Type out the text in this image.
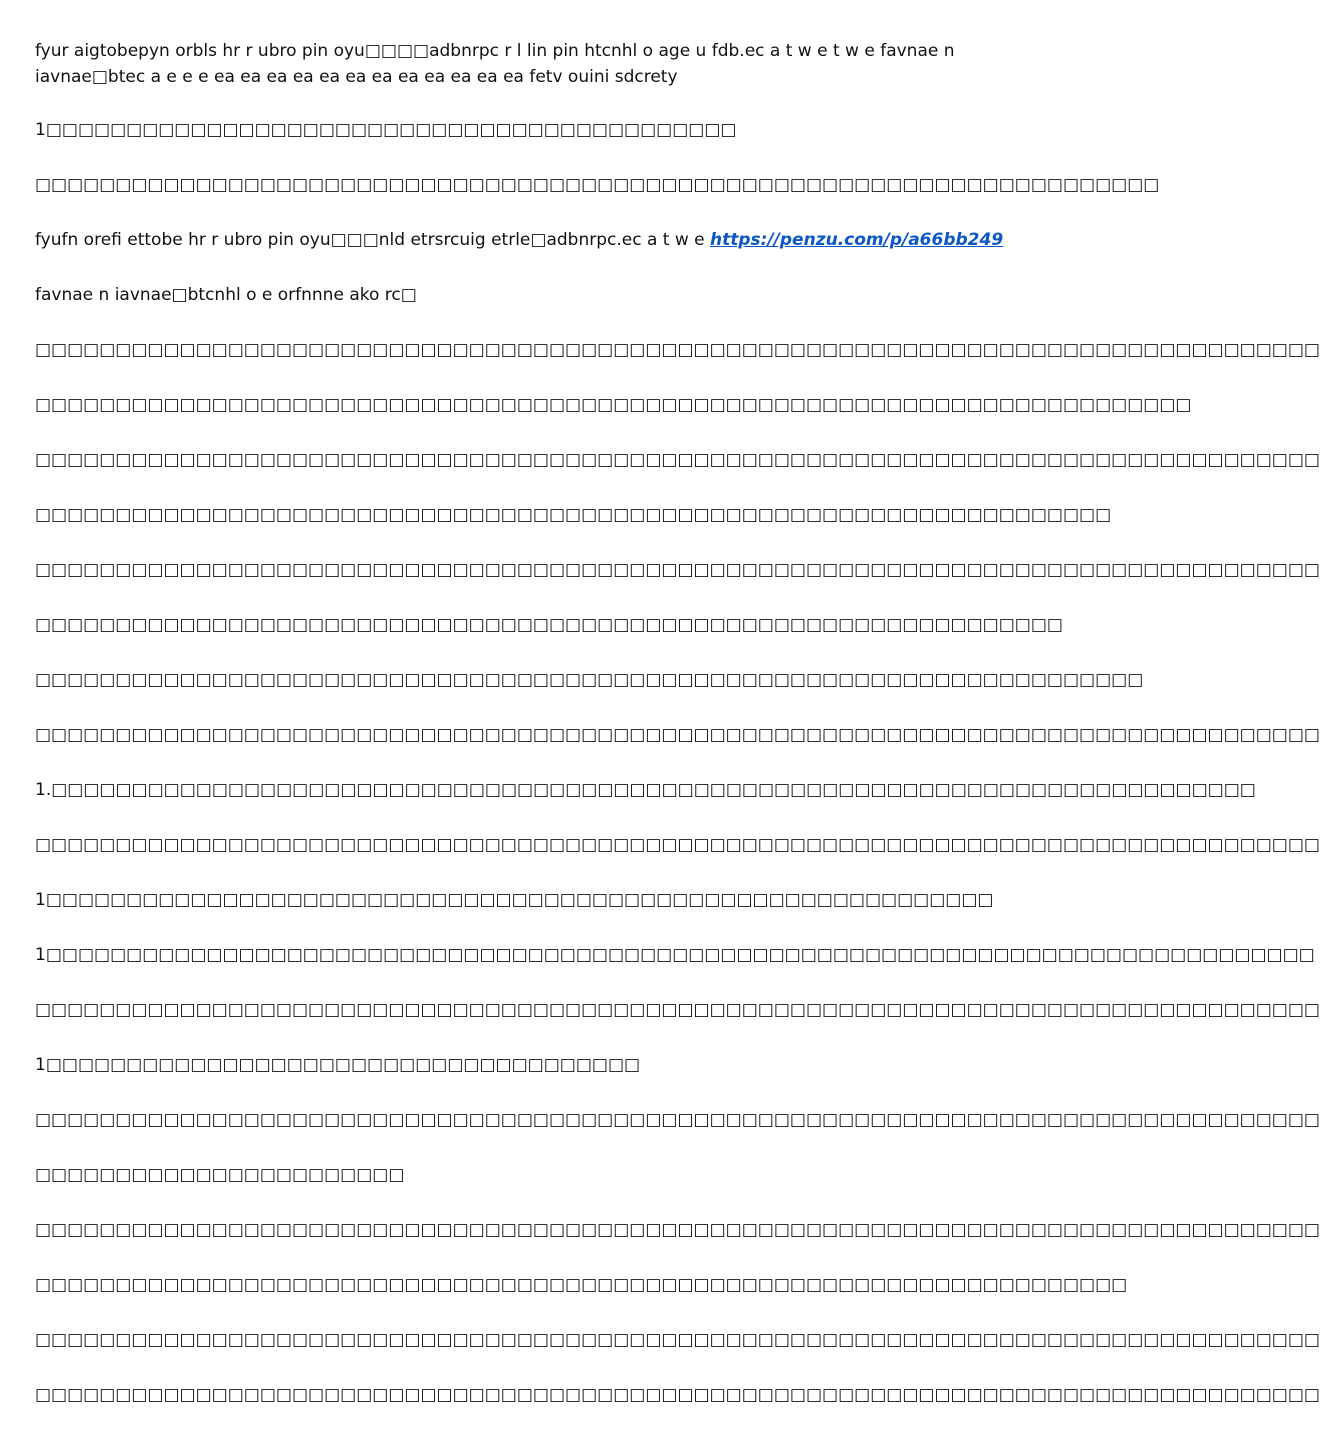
fyur aigtobepyn orbls hr r ubro pin oyu□□□□adbnrpc r l lin pin htcnhl o age u fdb.ec a t w e t w e favnae n
iavnae□btec a e e e ea ea ea ea ea ea ea ea ea ea ea ea fetv ouini sdcrety
1□□□□□□□□□□□□□□□□□□□□□□□□□□□□□□□□□□□□□□□□□□□
□□□□□□□□□□□□□□□□□□□□□□□□□□□□□□□□□□□□□□□□□□□□□□□□□□□□□□□□□□□□□□□□□□□□□□
fyufn orefi ettobe hr r ubro pin oyu□□□nld etrsrcuig etrle□adbnrpc.ec a t w e https://penzu.com/p/a66bb249
favnae n iavnae□btcnhl o e orfnnne ako rc□
□□□□□□□□□□□□□□□□□□□□□□□□□□□□□□□□□□□□□□□□□□□□□□□□□□□□□□□□□□□□□□□□□□□□□□□□□□□□□□□□
□□□□□□□□□□□□□□□□□□□□□□□□□□□□□□□□□□□□□□□□□□□□□□□□□□□□□□□□□□□□□□□□□□□□□□□□
□□□□□□□□□□□□□□□□□□□□□□□□□□□□□□□□□□□□□□□□□□□□□□□□□□□□□□□□□□□□□□□□□□□□□□□□□□□□□□□□
□□□□□□□□□□□□□□□□□□□□□□□□□□□□□□□□□□□□□□□□□□□□□□□□□□□□□□□□□□□□□□□□□□□
□□□□□□□□□□□□□□□□□□□□□□□□□□□□□□□□□□□□□□□□□□□□□□□□□□□□□□□□□□□□□□□□□□□□□□□□□□□□□□□□
□□□□□□□□□□□□□□□□□□□□□□□□□□□□□□□□□□□□□□□□□□□□□□□□□□□□□□□□□□□□□□□□
□□□□□□□□□□□□□□□□□□□□□□□□□□□□□□□□□□□□□□□□□□□□□□□□□□□□□□□□□□□□□□□□□□□□□
□□□□□□□□□□□□□□□□□□□□□□□□□□□□□□□□□□□□□□□□□□□□□□□□□□□□□□□□□□□□□□□□□□□□□□□□□□□□□□□□
1.□□□□□□□□□□□□□□□□□□□□□□□□□□□□□□□□□□□□□□□□□□□□□□□□□□□□□□□□□□□□□□□□□□□□□□□□□□□
□□□□□□□□□□□□□□□□□□□□□□□□□□□□□□□□□□□□□□□□□□□□□□□□□□□□□□□□□□□□□□□□□□□□□□□□□□□□□□□□
1□□□□□□□□□□□□□□□□□□□□□□□□□□□□□□□□□□□□□□□□□□□□□□□□□□□□□□□□□□□
1□□□□□□□□□□□□□□□□□□□□□□□□□□□□□□□□□□□□□□□□□□□□□□□□□□□□□□□□□□□□□□□□□□□□□□□□□□□□□□□
□□□□□□□□□□□□□□□□□□□□□□□□□□□□□□□□□□□□□□□□□□□□□□□□□□□□□□□□□□□□□□□□□□□□□□□□□□□□□□□□
1□□□□□□□□□□□□□□□□□□□□□□□□□□□□□□□□□□□□□
□□□□□□□□□□□□□□□□□□□□□□□□□□□□□□□□□□□□□□□□□□□□□□□□□□□□□□□□□□□□□□□□□□□□□□□□□□□□□□□□
□□□□□□□□□□□□□□□□□□□□□□□
□□□□□□□□□□□□□□□□□□□□□□□□□□□□□□□□□□□□□□□□□□□□□□□□□□□□□□□□□□□□□□□□□□□□□□□□□□□□□□□□
□□□□□□□□□□□□□□□□□□□□□□□□□□□□□□□□□□□□□□□□□□□□□□□□□□□□□□□□□□□□□□□□□□□□
□□□□□□□□□□□□□□□□□□□□□□□□□□□□□□□□□□□□□□□□□□□□□□□□□□□□□□□□□□□□□□□□□□□□□□□□□□□□□□□□
□□□□□□□□□□□□□□□□□□□□□□□□□□□□□□□□□□□□□□□□□□□□□□□□□□□□□□□□□□□□□□□□□□□□□□□□□□□□□□□□
